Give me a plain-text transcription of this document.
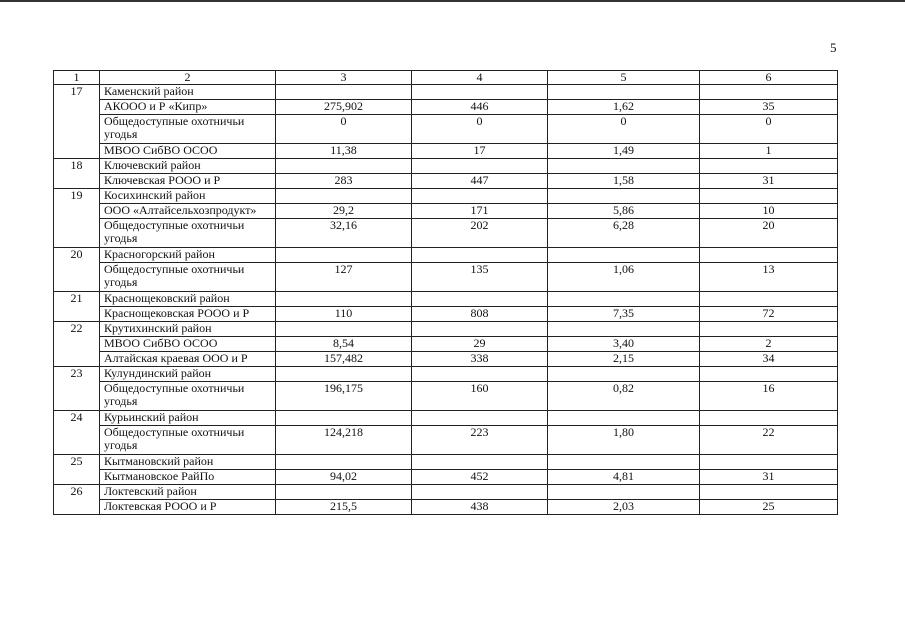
5
1	2	3	4	5	6
17	Каменский район				
	АКООО и Р «Кипр»	275,902	446	1,62	35
	Общедоступные охотничьи угодья	0	0	0	0
	МВОО СибВО ОСОО	11,38	17	1,49	1
18	Ключевский район				
	Ключевская РООО и Р	283	447	1,58	31
19	Косихинский район				
	ООО «Алтайсельхозпродукт»	29,2	171	5,86	10
	Общедоступные охотничьи угодья	32,16	202	6,28	20
20	Красногорский район				
	Общедоступные охотничьи угодья	127	135	1,06	13
21	Краснощековский район				
	Краснощековская РООО и Р	110	808	7,35	72
22	Крутихинский район				
	МВОО СибВО ОСОО	8,54	29	3,40	2
	Алтайская краевая ООО и Р	157,482	338	2,15	34
23	Кулундинский район				
	Общедоступные охотничьи угодья	196,175	160	0,82	16
24	Курьинский район				
	Общедоступные охотничьи угодья	124,218	223	1,80	22
25	Кытмановский район				
	Кытмановское РайПо	94,02	452	4,81	31
26	Локтевский район				
	Локтевская РООО и Р	215,5	438	2,03	25
